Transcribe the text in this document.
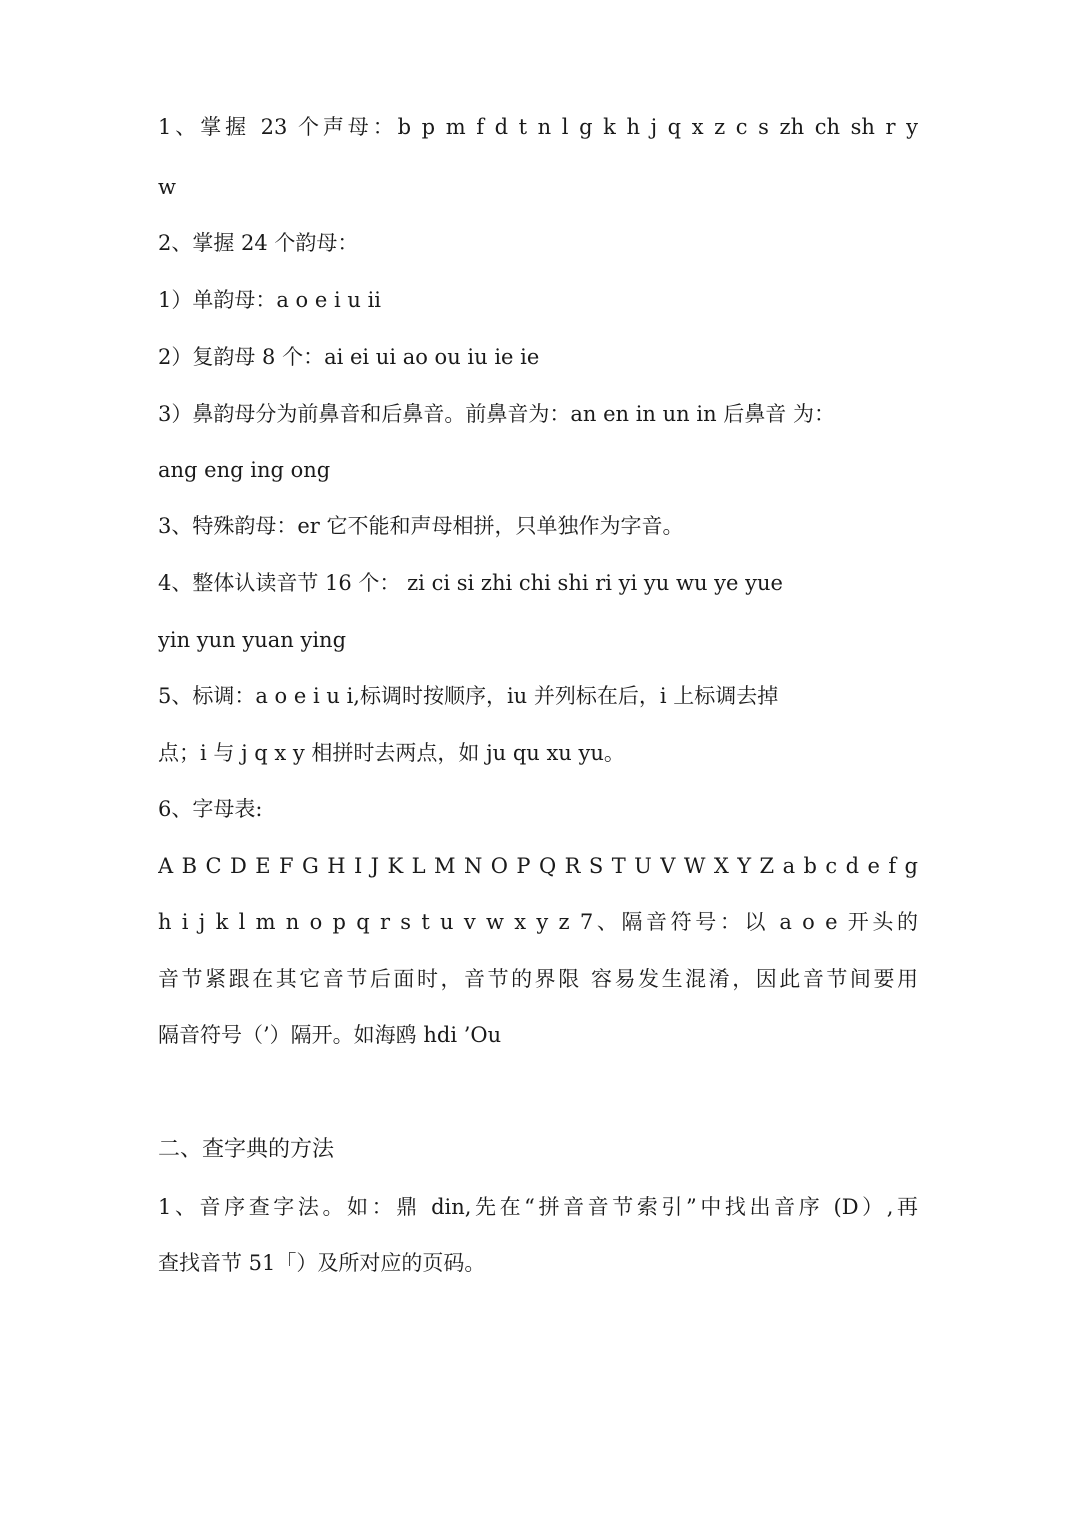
1、掌握 23 个声母：b p m f d t n l g k h j q x z c s zh ch sh r y
w
2、掌握 24 个韵母：
1）单韵母：a o e i u ii
2）复韵母 8 个：ai ei ui ao ou iu ie ie
3）鼻韵母分为前鼻音和后鼻音。前鼻音为：an en in un in 后鼻音 为：
ang eng ing ong
3、特殊韵母：er 它不能和声母相拼，只单独作为字音。
4、整体认读音节 16 个： zi ci si zhi chi shi ri yi yu wu ye yue
yin yun yuan ying
5、标调：a o e i u i,标调时按顺序，iu 并列标在后，i 上标调去掉
点；i 与 j q x y 相拼时去两点，如 ju qu xu yu。
6、字母表:
A B C D E F G H I J K L M N O P Q R S T U V W X Y Z a b c d e f g
h i j k l m n o p q r s t u v w x y z 7、隔音符号：以 a o e 开头的
音节紧跟在其它音节后面时，音节的界限 容易发生混淆，因此音节间要用
隔音符号（’）隔开。如海鸥 hdi ’Ou
二、查字典的方法
1、音序查字法。如：鼎 din,先在“拼音音节索引”中找出音序 (D）,再
查找音节 51「）及所对应的页码。
